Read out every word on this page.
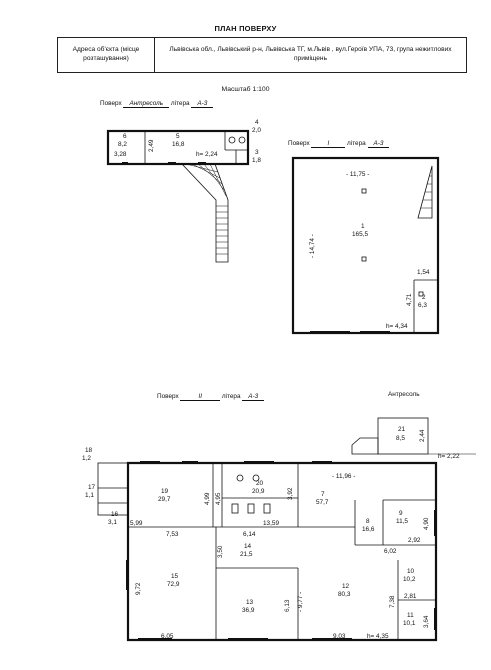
ПЛАН ПОВЕРХУ
Адреса об'єкта (місце розташування)	Львівська обл., Львівський р-н, Львівська ТГ, м.Львів , вул.Героїв УПА, 73, група нежитлових приміщень
Масштаб 1:100
Поверх Антресоль літера А-3
Поверх	І	літера А-3
Поверх	ІІ	літера А-3	Антресоль
6
8,2
3,28
2,49
5
16,8
h= 2,24
4
2,0
3
1,8
- 11,75 -
- 14,74 -
1
165,5
1,54
4,71 2
6,3
h= 4,34
21
8,5 2,44
h= 2,22
18
1,2
17
1,1
16
3,1
19
29,7	4,99 4,95
20
20,9	3,92
- 11,96 -
7
57,7
5,99	13,59	8
16,6
9
11,5
2,92
4,90
6,02
7,53	6,14
3,50	14
21,5
15
72,9
9,72
13
36,9	6,13 - 9,77 -
12
80,3
7,38
10
10,2
2,81
11
10,1 3,64
6,05	9,03	h= 4,35
